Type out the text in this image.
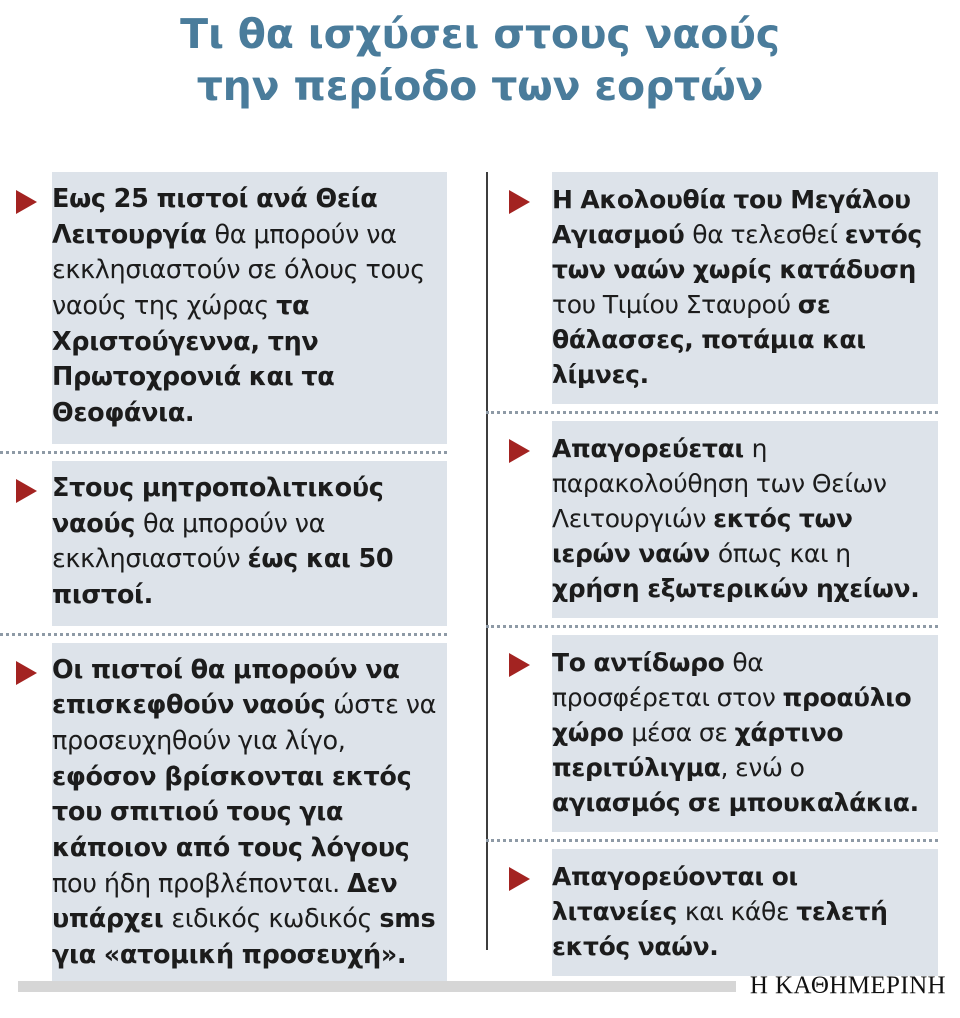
Τι θα ισχύσει στους ναούς
την περίοδο των εορτών

Εως 25 πιστοί ανά Θεία Λειτουργία θα μπορούν να εκκλησιαστούν σε όλους τους ναούς της χώρας τα Χριστούγεννα, την Πρωτοχρονιά και τα Θεοφάνια.

Στους μητροπολιτικούς ναούς θα μπορούν να εκκλησιαστούν έως και 50 πιστοί.

Οι πιστοί θα μπορούν να επισκεφθούν ναούς ώστε να προσευχηθούν για λίγο, εφόσον βρίσκονται εκτός του σπιτιού τους για κάποιον από τους λόγους που ήδη προβλέπονται. Δεν υπάρχει ειδικός κωδικός sms για «ατομική προσευχή».

Η Ακολουθία του Μεγάλου Αγιασμού θα τελεσθεί εντός των ναών χωρίς κατάδυση του Τιμίου Σταυρού σε θάλασσες, ποτάμια και λίμνες.

Απαγορεύεται η παρακολούθηση των Θείων Λειτουργιών εκτός των ιερών ναών όπως και η χρήση εξωτερικών ηχείων.

Το αντίδωρο θα προσφέρεται στον προαύλιο χώρο μέσα σε χάρτινο περιτύλιγμα, ενώ ο αγιασμός σε μπουκαλάκια.

Απαγορεύονται οι λιτανείες και κάθε τελετή εκτός ναών.

Η ΚΑΘΗΜΕΡΙΝΗ
